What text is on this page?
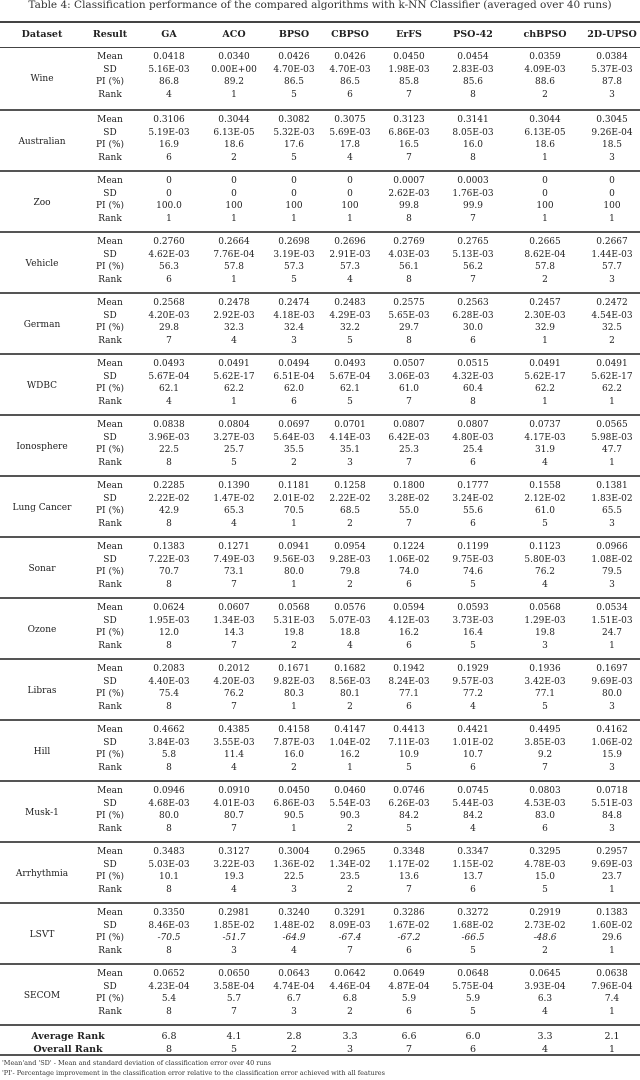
Table 4: Classification performance of the compared algorithms with k-NN Classifier (averaged over 40 runs)
Dataset	Result	GA	ACO	BPSO	CBPSO	ErFS	PSO-42	chBPSO	2D-UPSO
Wine
Mean	0.0418	0.0340	0.0426	0.0426	0.0450	0.0454	0.0359	0.0384
SD	5.16E-03	0.00E+00	4.70E-03	4.70E-03	1.98E-03	2.83E-03	4.09E-03	5.37E-03
PI (%)	86.8	89.2	86.5	86.5	85.8	85.6	88.6	87.8
Rank	4	1	5	6	7	8	2	3
Australian
Mean	0.3106	0.3044	0.3082	0.3075	0.3123	0.3141	0.3044	0.3045
SD	5.19E-03	6.13E-05	5.32E-03	5.69E-03	6.86E-03	8.05E-03	6.13E-05	9.26E-04
PI (%)	16.9	18.6	17.6	17.8	16.5	16.0	18.6	18.5
Rank	6	2	5	4	7	8	1	3
Zoo
Mean	0	0	0	0	0.0007	0.0003	0	0
SD	0	0	0	0	2.62E-03	1.76E-03	0	0
PI (%)	100.0	100	100	100	99.8	99.9	100	100
Rank	1	1	1	1	8	7	1	1
Vehicle
Mean	0.2760	0.2664	0.2698	0.2696	0.2769	0.2765	0.2665	0.2667
SD	4.62E-03	7.76E-04	3.19E-03	2.91E-03	4.03E-03	5.13E-03	8.62E-04	1.44E-03
PI (%)	56.3	57.8	57.3	57.3	56.1	56.2	57.8	57.7
Rank	6	1	5	4	8	7	2	3
German
Mean	0.2568	0.2478	0.2474	0.2483	0.2575	0.2563	0.2457	0.2472
SD	4.20E-03	2.92E-03	4.18E-03	4.29E-03	5.65E-03	6.28E-03	2.30E-03	4.54E-03
PI (%)	29.8	32.3	32.4	32.2	29.7	30.0	32.9	32.5
Rank	7	4	3	5	8	6	1	2
WDBC
Mean	0.0493	0.0491	0.0494	0.0493	0.0507	0.0515	0.0491	0.0491
SD	5.67E-04	5.62E-17	6.51E-04	5.67E-04	3.06E-03	4.32E-03	5.62E-17	5.62E-17
PI (%)	62.1	62.2	62.0	62.1	61.0	60.4	62.2	62.2
Rank	4	1	6	5	7	8	1	1
Ionosphere
Mean	0.0838	0.0804	0.0697	0.0701	0.0807	0.0807	0.0737	0.0565
SD	3.96E-03	3.27E-03	5.64E-03	4.14E-03	6.42E-03	4.80E-03	4.17E-03	5.98E-03
PI (%)	22.5	25.7	35.5	35.1	25.3	25.4	31.9	47.7
Rank	8	5	2	3	7	6	4	1
Lung Cancer
Mean	0.2285	0.1390	0.1181	0.1258	0.1800	0.1777	0.1558	0.1381
SD	2.22E-02	1.47E-02	2.01E-02	2.22E-02	3.28E-02	3.24E-02	2.12E-02	1.83E-02
PI (%)	42.9	65.3	70.5	68.5	55.0	55.6	61.0	65.5
Rank	8	4	1	2	7	6	5	3
Sonar
Mean	0.1383	0.1271	0.0941	0.0954	0.1224	0.1199	0.1123	0.0966
SD	7.22E-03	7.49E-03	9.56E-03	9.28E-03	1.06E-02	9.75E-03	5.80E-03	1.08E-02
PI (%)	70.7	73.1	80.0	79.8	74.0	74.6	76.2	79.5
Rank	8	7	1	2	6	5	4	3
Ozone
Mean	0.0624	0.0607	0.0568	0.0576	0.0594	0.0593	0.0568	0.0534
SD	1.95E-03	1.34E-03	5.31E-03	5.07E-03	4.12E-03	3.73E-03	1.29E-03	1.51E-03
PI (%)	12.0	14.3	19.8	18.8	16.2	16.4	19.8	24.7
Rank	8	7	2	4	6	5	3	1
Libras
Mean	0.2083	0.2012	0.1671	0.1682	0.1942	0.1929	0.1936	0.1697
SD	4.40E-03	4.20E-03	9.82E-03	8.56E-03	8.24E-03	9.57E-03	3.42E-03	9.69E-03
PI (%)	75.4	76.2	80.3	80.1	77.1	77.2	77.1	80.0
Rank	8	7	1	2	6	4	5	3
Hill
Mean	0.4662	0.4385	0.4158	0.4147	0.4413	0.4421	0.4495	0.4162
SD	3.84E-03	3.55E-03	7.87E-03	1.04E-02	7.11E-03	1.01E-02	3.85E-03	1.06E-02
PI (%)	5.8	11.4	16.0	16.2	10.9	10.7	9.2	15.9
Rank	8	4	2	1	5	6	7	3
Musk-1
Mean	0.0946	0.0910	0.0450	0.0460	0.0746	0.0745	0.0803	0.0718
SD	4.68E-03	4.01E-03	6.86E-03	5.54E-03	6.26E-03	5.44E-03	4.53E-03	5.51E-03
PI (%)	80.0	80.7	90.5	90.3	84.2	84.2	83.0	84.8
Rank	8	7	1	2	5	4	6	3
Arrhythmia
Mean	0.3483	0.3127	0.3004	0.2965	0.3348	0.3347	0.3295	0.2957
SD	5.03E-03	3.22E-03	1.36E-02	1.34E-02	1.17E-02	1.15E-02	4.78E-03	9.69E-03
PI (%)	10.1	19.3	22.5	23.5	13.6	13.7	15.0	23.7
Rank	8	4	3	2	7	6	5	1
LSVT
Mean	0.3350	0.2981	0.3240	0.3291	0.3286	0.3272	0.2919	0.1383
SD	8.46E-03	1.85E-02	1.48E-02	8.09E-03	1.67E-02	1.68E-02	2.73E-02	1.60E-02
PI (%)	-70.5	-51.7	-64.9	-67.4	-67.2	-66.5	-48.6	29.6
Rank	8	3	4	7	6	5	2	1
SECOM
Mean	0.0652	0.0650	0.0643	0.0642	0.0649	0.0648	0.0645	0.0638
SD	4.23E-04	3.58E-04	4.74E-04	4.46E-04	4.87E-04	5.75E-04	3.93E-04	7.96E-04
PI (%)	5.4	5.7	6.7	6.8	5.9	5.9	6.3	7.4
Rank	8	7	3	2	6	5	4	1
Average Rank	6.8	4.1	2.8	3.3	6.6	6.0	3.3	2.1
Overall Rank	8	5	2	3	7	6	4	1
'Mean'and 'SD' - Mean and standard deviation of classification error over 40 runs
'PI'- Percentage improvement in the classification error relative to the classification error achieved with all features
